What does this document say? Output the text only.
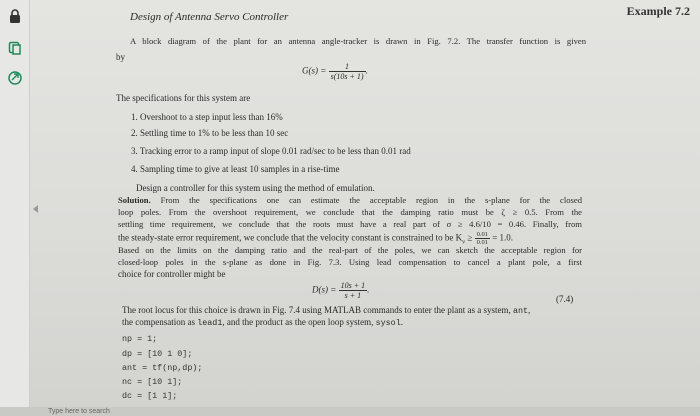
Design of Antenna Servo Controller	Example 7.2
A block diagram of the plant for an antenna angle-tracker is drawn in Fig. 7.2. The transfer function is given
by
$G(s) = \frac{1}{s(10s + 1)}$ .
The specifications for this system are
1. Overshoot to a step input less than 16%
2. Settling time to 1% to be less than 10 sec
3. Tracking error to a ramp input of slope 0.01 rad/sec to be less than 0.01 rad
4. Sampling time to give at least 10 samples in a rise-time
Design a controller for this system using the method of emulation.
Solution. From the specifications one can estimate the acceptable region in the s-plane for the closed
loop poles. From the overshoot requirement, we conclude that the damping ratio must be ζ ≥ 0.5. From the
settling time requirement, we conclude that the roots must have a real part of σ ≥ 4.6/10 = 0.46. Finally, from
the steady-state error requirement, we conclude that the velocity constant is constrained to be $K_v \ge \frac{0.01}{0.01} = 1.0$.
Based on the limits on the damping ratio and the real-part of the poles, we can sketch the acceptable region for
closed-loop poles in the s-plane as done in Fig. 7.3. Using lead compensation to cancel a plant pole, a first
choice for controller might be
$D(s) = \frac{10s + 1}{s + 1}$ .
(7.4)
The root locus for this choice is drawn in Fig. 7.4 using MATLAB commands to enter the plant as a system, ant,
the compensation as lead1, and the product as the open loop system, sysol.
np = 1;
dp = [10 1 0];
ant = tf(np,dp);
nc = [10 1];
dc = [1 1];
Type here to search
